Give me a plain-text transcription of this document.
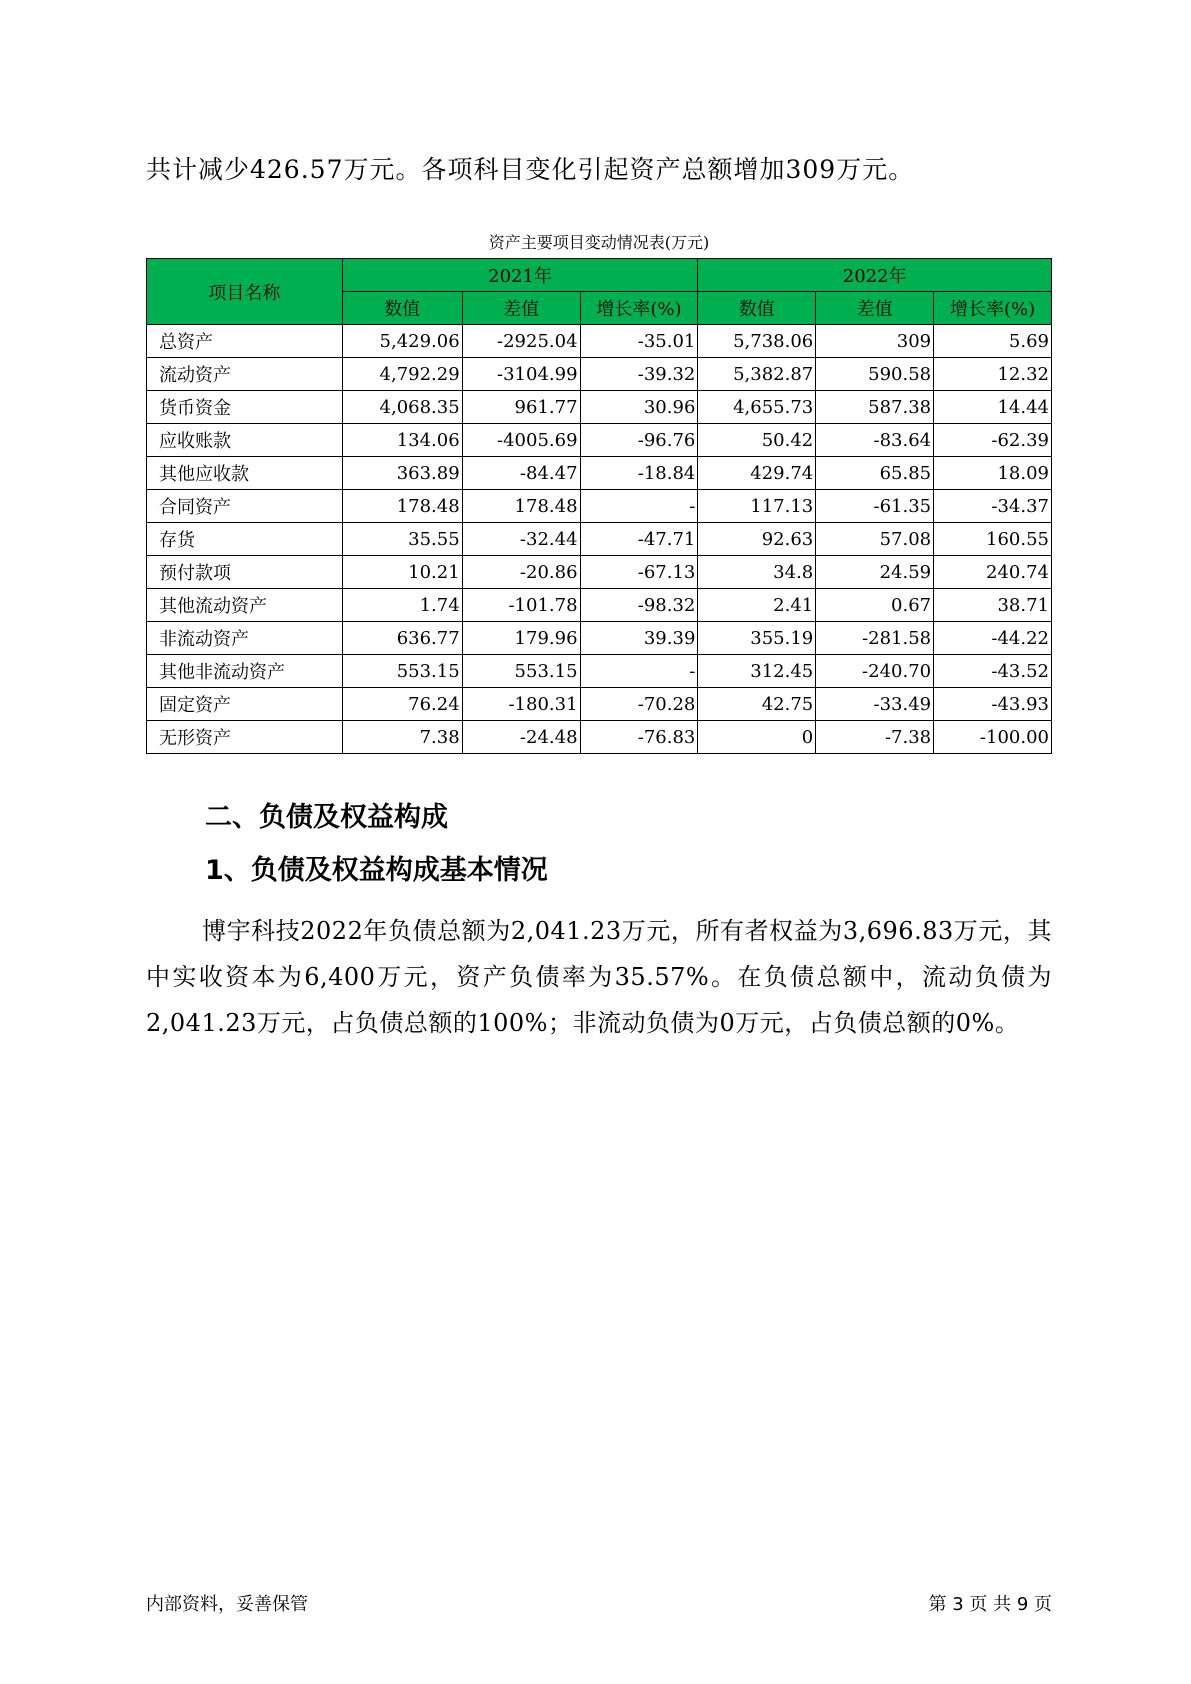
共计减少426.57万元。各项科目变化引起资产总额增加309万元。
资产主要项目变动情况表(万元)
项目名称	2021年			2022年		
	数值	差值	增长率(%)	数值	差值	增长率(%)
总资产	5,429.06	-2925.04	-35.01	5,738.06	309	5.69
流动资产	4,792.29	-3104.99	-39.32	5,382.87	590.58	12.32
货币资金	4,068.35	961.77	30.96	4,655.73	587.38	14.44
应收账款	134.06	-4005.69	-96.76	50.42	-83.64	-62.39
其他应收款	363.89	-84.47	-18.84	429.74	65.85	18.09
合同资产	178.48	178.48	-	117.13	-61.35	-34.37
存货	35.55	-32.44	-47.71	92.63	57.08	160.55
预付款项	10.21	-20.86	-67.13	34.8	24.59	240.74
其他流动资产	1.74	-101.78	-98.32	2.41	0.67	38.71
非流动资产	636.77	179.96	39.39	355.19	-281.58	-44.22
其他非流动资产	553.15	553.15	-	312.45	-240.70	-43.52
固定资产	76.24	-180.31	-70.28	42.75	-33.49	-43.93
无形资产	7.38	-24.48	-76.83	0	-7.38	-100.00
二、负债及权益构成
1、负债及权益构成基本情况
博宇科技2022年负债总额为2,041.23万元，所有者权益为3,696.83万元，其中实收资本为6,400万元，资产负债率为35.57%。在负债总额中，流动负债为2,041.23万元，占负债总额的100%；非流动负债为0万元，占负债总额的0%。
内部资料，妥善保管	第 3 页 共 9 页
